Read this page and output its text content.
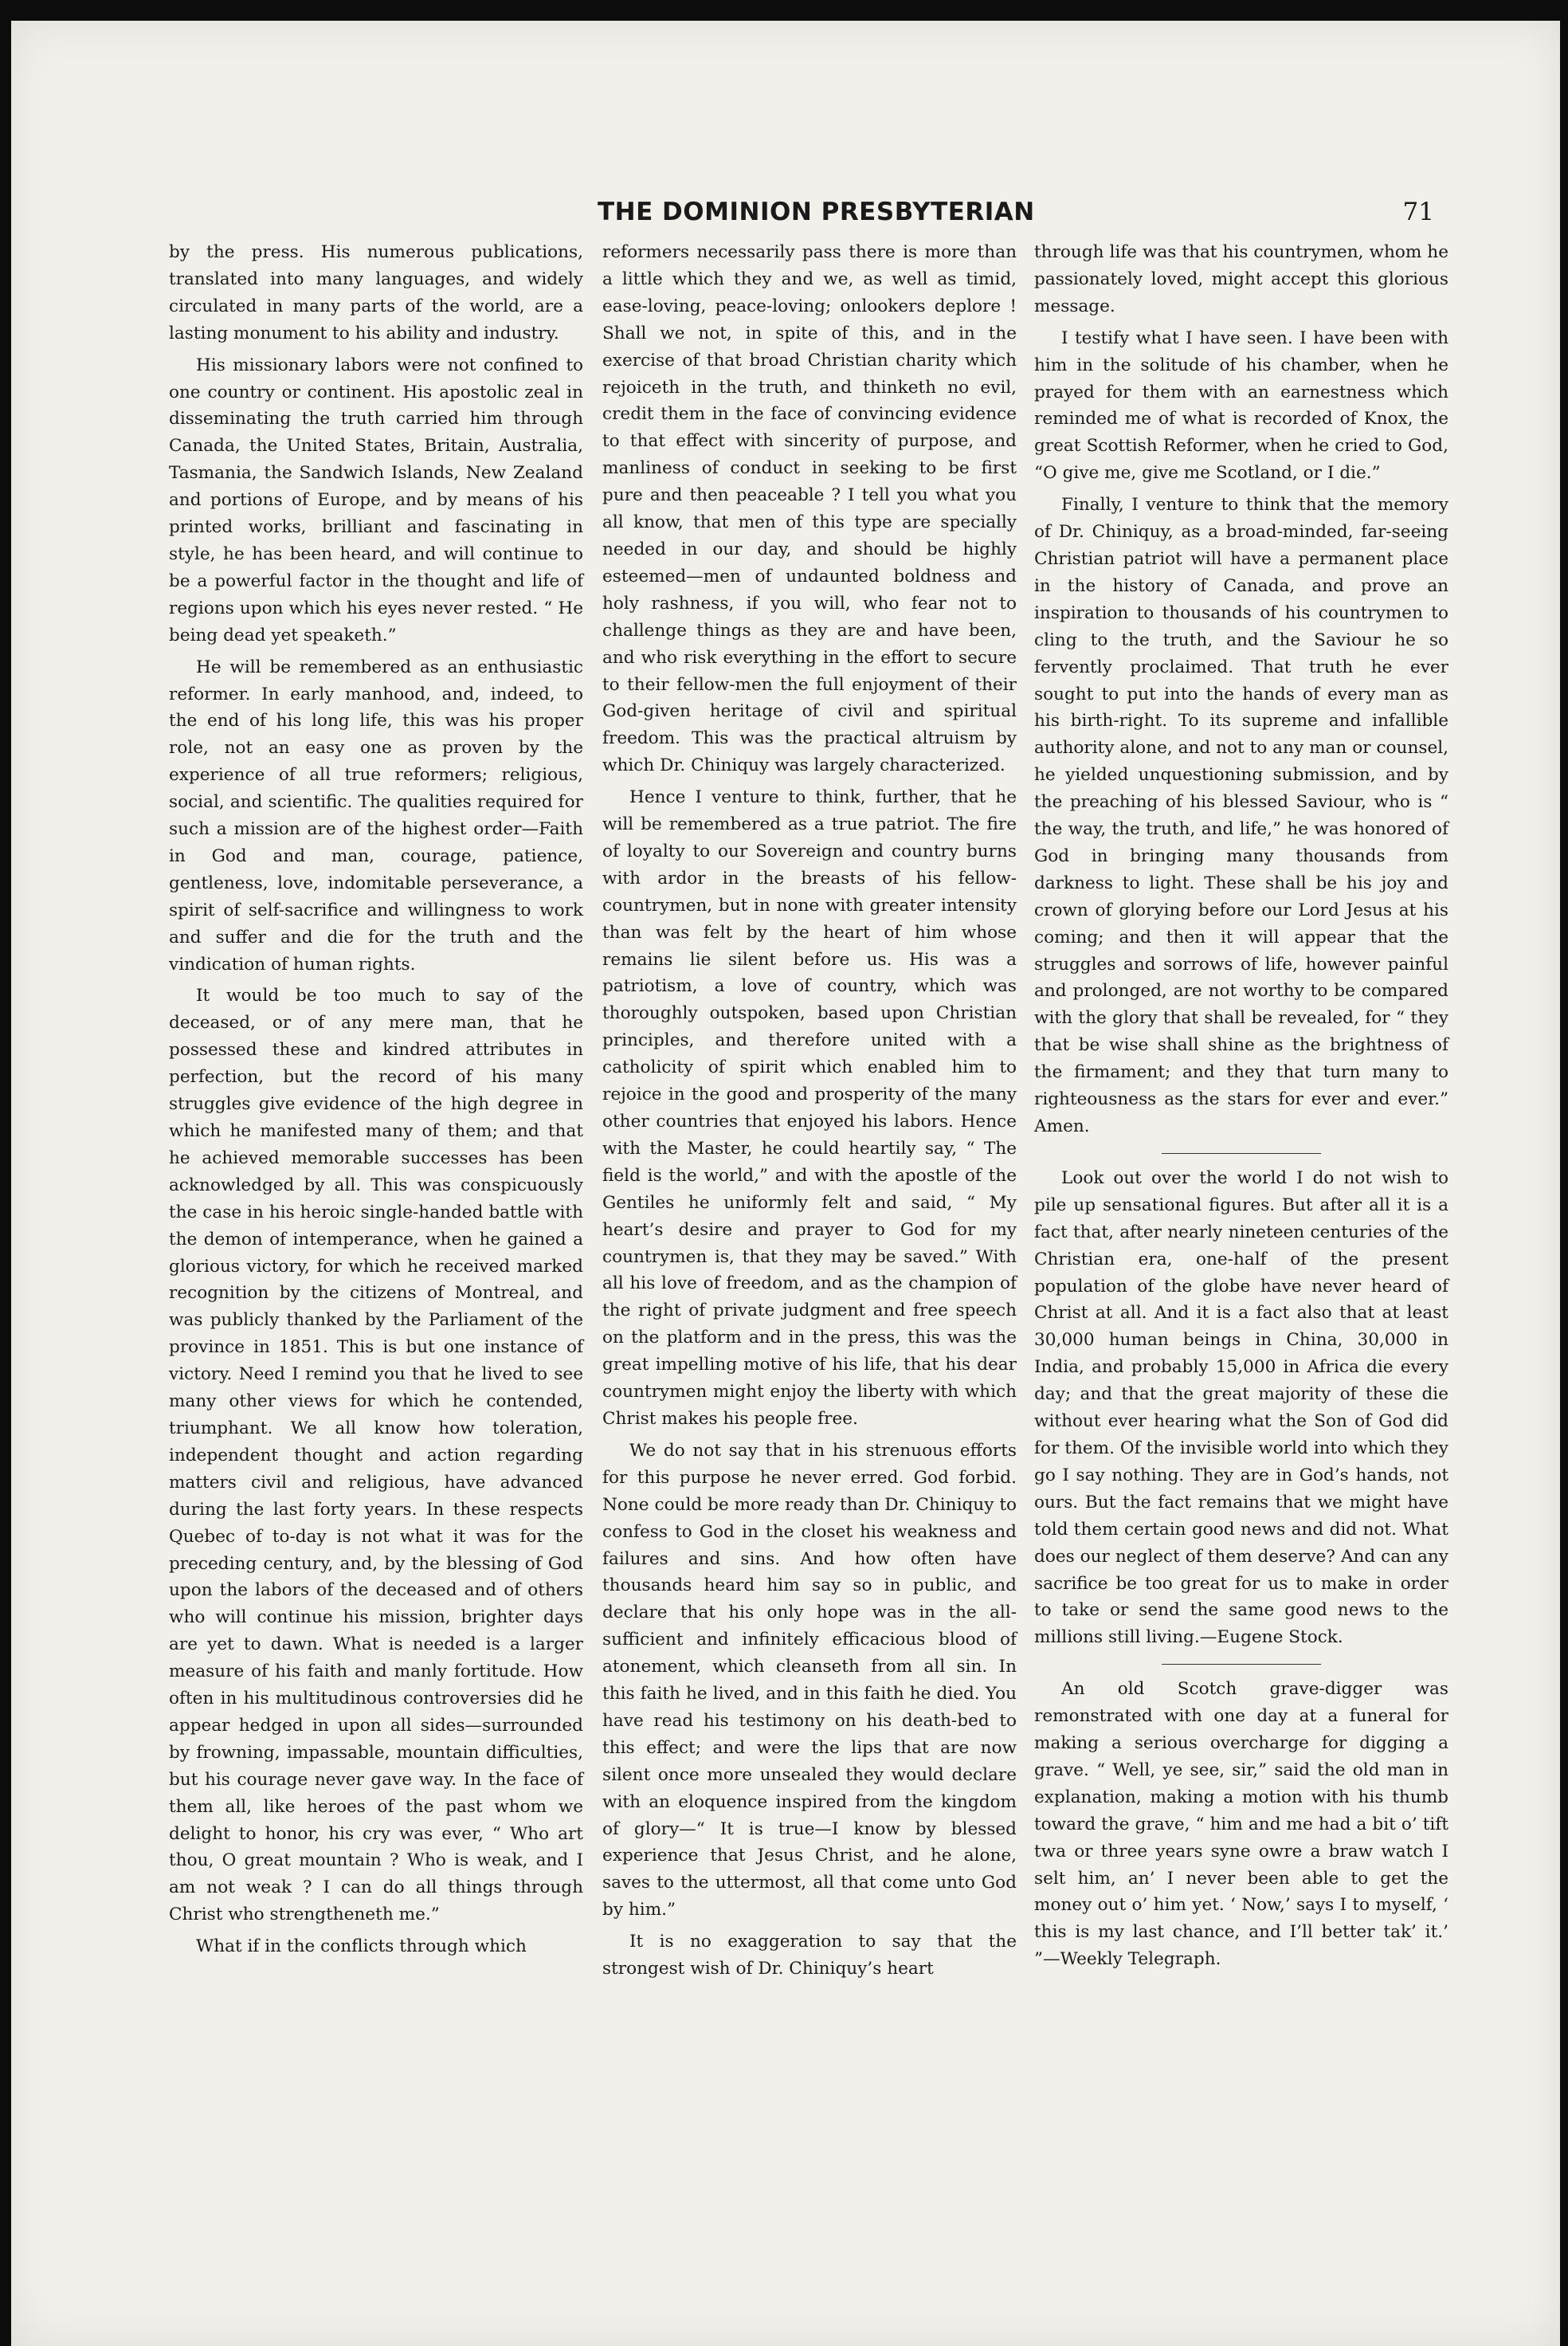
THE DOMINION PRESBYTERIAN	71

by the press. His numerous publications, translated into many languages, and widely circulated in many parts of the world, are a lasting monument to his ability and industry.

His missionary labors were not confined to one country or continent. His apostolic zeal in disseminating the truth carried him through Canada, the United States, Britain, Australia, Tasmania, the Sandwich Islands, New Zealand and portions of Europe, and by means of his printed works, brilliant and fascinating in style, he has been heard, and will continue to be a powerful factor in the thought and life of regions upon which his eyes never rested. “ He being dead yet speaketh.”

He will be remembered as an enthusiastic reformer. In early manhood, and, indeed, to the end of his long life, this was his proper role, not an easy one as proven by the experience of all true reformers; religious, social, and scientific. The qualities required for such a mission are of the highest order—Faith in God and man, courage, patience, gentleness, love, indomitable perseverance, a spirit of self-sacrifice and willingness to work and suffer and die for the truth and the vindication of human rights.

It would be too much to say of the deceased, or of any mere man, that he possessed these and kindred attributes in perfection, but the record of his many struggles give evidence of the high degree in which he manifested many of them; and that he achieved memorable successes has been acknowledged by all. This was conspicuously the case in his heroic single-handed battle with the demon of intemperance, when he gained a glorious victory, for which he received marked recognition by the citizens of Montreal, and was publicly thanked by the Parliament of the province in 1851. This is but one instance of victory. Need I remind you that he lived to see many other views for which he contended, triumphant. We all know how toleration, independent thought and action regarding matters civil and religious, have advanced during the last forty years. In these respects Quebec of to-day is not what it was for the preceding century, and, by the blessing of God upon the labors of the deceased and of others who will continue his mission, brighter days are yet to dawn. What is needed is a larger measure of his faith and manly fortitude. How often in his multitudinous controversies did he appear hedged in upon all sides—surrounded by frowning, impassable, mountain difficulties, but his courage never gave way. In the face of them all, like heroes of the past whom we delight to honor, his cry was ever, “ Who art thou, O great mountain ? Who is weak, and I am not weak ? I can do all things through Christ who strengtheneth me.”

What if in the conflicts through which

reformers necessarily pass there is more than a little which they and we, as well as timid, ease-loving, peace-loving; onlookers deplore ! Shall we not, in spite of this, and in the exercise of that broad Christian charity which rejoiceth in the truth, and thinketh no evil, credit them in the face of convincing evidence to that effect with sincerity of purpose, and manliness of conduct in seeking to be first pure and then peaceable ? I tell you what you all know, that men of this type are specially needed in our day, and should be highly esteemed—men of undaunted boldness and holy rashness, if you will, who fear not to challenge things as they are and have been, and who risk everything in the effort to secure to their fellow-men the full enjoyment of their God-given heritage of civil and spiritual freedom. This was the practical altruism by which Dr. Chiniquy was largely characterized.

Hence I venture to think, further, that he will be remembered as a true patriot. The fire of loyalty to our Sovereign and country burns with ardor in the breasts of his fellow-countrymen, but in none with greater intensity than was felt by the heart of him whose remains lie silent before us. His was a patriotism, a love of country, which was thoroughly outspoken, based upon Christian principles, and therefore united with a catholicity of spirit which enabled him to rejoice in the good and prosperity of the many other countries that enjoyed his labors. Hence with the Master, he could heartily say, “ The field is the world,” and with the apostle of the Gentiles he uniformly felt and said, “ My heart’s desire and prayer to God for my countrymen is, that they may be saved.” With all his love of freedom, and as the champion of the right of private judgment and free speech on the platform and in the press, this was the great impelling motive of his life, that his dear countrymen might enjoy the liberty with which Christ makes his people free.

We do not say that in his strenuous efforts for this purpose he never erred. God forbid. None could be more ready than Dr. Chiniquy to confess to God in the closet his weakness and failures and sins. And how often have thousands heard him say so in public, and declare that his only hope was in the all-sufficient and infinitely efficacious blood of atonement, which cleanseth from all sin. In this faith he lived, and in this faith he died. You have read his testimony on his death-bed to this effect; and were the lips that are now silent once more unsealed they would declare with an eloquence inspired from the kingdom of glory—“ It is true—I know by blessed experience that Jesus Christ, and he alone, saves to the uttermost, all that come unto God by him.”

It is no exaggeration to say that the strongest wish of Dr. Chiniquy’s heart

through life was that his countrymen, whom he passionately loved, might accept this glorious message.

I testify what I have seen. I have been with him in the solitude of his chamber, when he prayed for them with an earnestness which reminded me of what is recorded of Knox, the great Scottish Reformer, when he cried to God, “O give me, give me Scotland, or I die.”

Finally, I venture to think that the memory of Dr. Chiniquy, as a broad-minded, far-seeing Christian patriot will have a permanent place in the history of Canada, and prove an inspiration to thousands of his countrymen to cling to the truth, and the Saviour he so fervently proclaimed. That truth he ever sought to put into the hands of every man as his birth-right. To its supreme and infallible authority alone, and not to any man or counsel, he yielded unquestioning submission, and by the preaching of his blessed Saviour, who is “ the way, the truth, and life,” he was honored of God in bringing many thousands from darkness to light. These shall be his joy and crown of glorying before our Lord Jesus at his coming; and then it will appear that the struggles and sorrows of life, however painful and prolonged, are not worthy to be compared with the glory that shall be revealed, for “ they that be wise shall shine as the brightness of the firmament; and they that turn many to righteousness as the stars for ever and ever.” Amen.

Look out over the world I do not wish to pile up sensational figures. But after all it is a fact that, after nearly nineteen centuries of the Christian era, one-half of the present population of the globe have never heard of Christ at all. And it is a fact also that at least 30,000 human beings in China, 30,000 in India, and probably 15,000 in Africa die every day; and that the great majority of these die without ever hearing what the Son of God did for them. Of the invisible world into which they go I say nothing. They are in God’s hands, not ours. But the fact remains that we might have told them certain good news and did not. What does our neglect of them deserve? And can any sacrifice be too great for us to make in order to take or send the same good news to the millions still living.—Eugene Stock.

An old Scotch grave-digger was remonstrated with one day at a funeral for making a serious overcharge for digging a grave. “ Well, ye see, sir,” said the old man in explanation, making a motion with his thumb toward the grave, “ him and me had a bit o’ tift twa or three years syne owre a braw watch I selt him, an’ I never been able to get the money out o’ him yet. ‘ Now,’ says I to myself, ‘ this is my last chance, and I’ll better tak’ it.’ ”—Weekly Telegraph.
